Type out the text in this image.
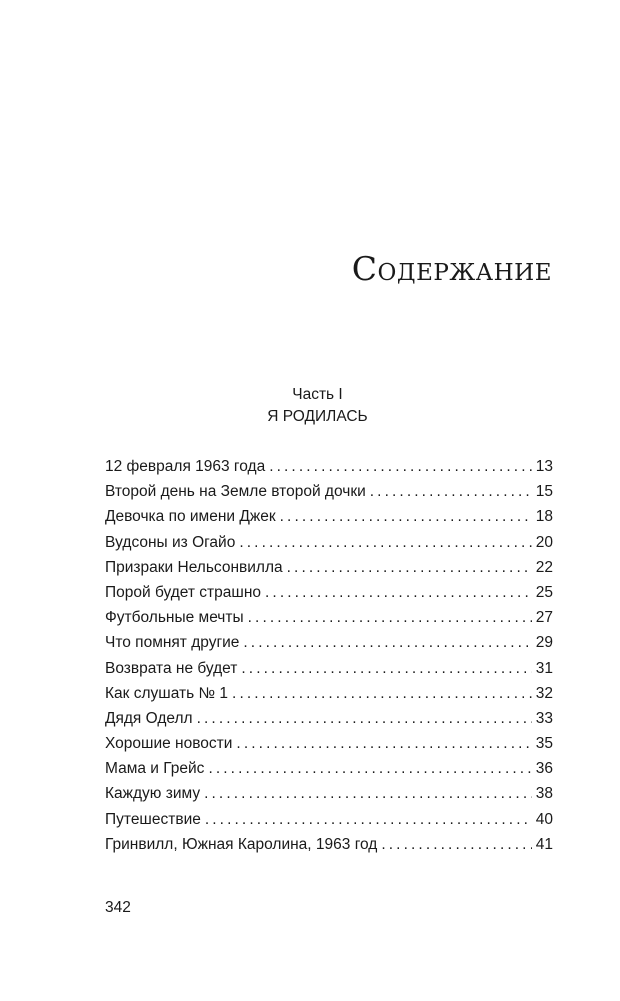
Содержание
Часть I
Я РОДИЛАСЬ
12 февраля 1963 года . . .	13
Второй день на Земле второй дочки . . .	15
Девочка по имени Джек . . .	18
Вудсоны из Огайо . . .	20
Призраки Нельсонвилла . . .	22
Порой будет страшно . . .	25
Футбольные мечты . . .	27
Что помнят другие . . .	29
Возврата не будет . . .	31
Как слушать № 1 . . .	32
Дядя Оделл . . .	33
Хорошие новости . . .	35
Мама и Грейс . . .	36
Каждую зиму . . .	38
Путешествие . . .	40
Гринвилл, Южная Каролина, 1963 год . . .	41
342
